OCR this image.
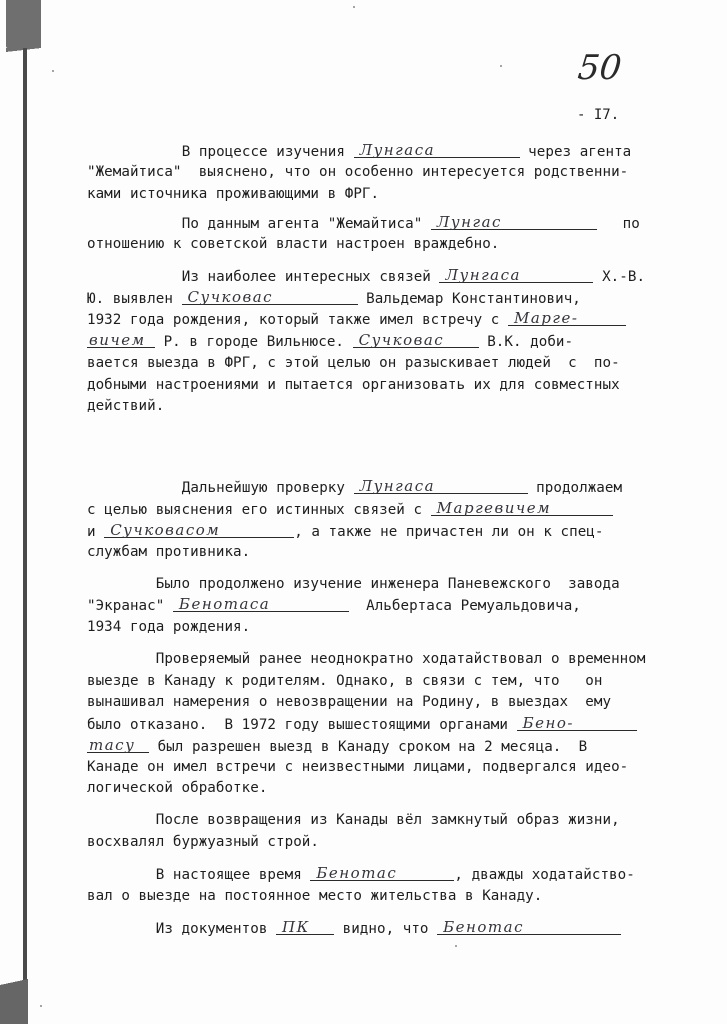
50
- I7.
В процессе изучения Лунгаса	через агента
"Жемайтиса"  выяснено, что он особенно интересуется родственни-
ками источника проживающими в ФРГ.
По данным агента "Жемайтиса" Лунгас	по
отношению к советской власти настроен враждебно.
Из наиболее интересных связей Лунгаса	Х.-В.
Ю. выявлен Сучковас	Вальдемар Константинович,
1932 года рождения, который также имел встречу с Марге-
вичем Р. в городе Вильнюсе. Сучковас В.К. доби-
вается выезда в ФРГ, с этой целью он разыскивает людей  с  по-
добными настроениями и пытается организовать их для совместных
действий.
Дальнейшую проверку Лунгаса	продолжаем
с целью выяснения его истинных связей с Маргевичем
и Сучковасом	, а также не причастен ли он к спец-
службам противника.
Было продолжено изучение инженера Паневежского  завода
"Экранас" Бенотаса	Альбертаса Ремуальдовича,
1934 года рождения.
Проверяемый ранее неоднократно ходатайствовал о временном
выезде в Канаду к родителям. Однако, в связи с тем, что   он
вынашивал намерения о невозвращении на Родину, в выездах  ему
было отказано.  В 1972 году вышестоящими органами Бено-
тасу был разрешен выезд в Канаду сроком на 2 месяца.  В
Канаде он имел встречи с неизвестными лицами, подвергался идео-
логической обработке.
После возвращения из Канады вёл замкнутый образ жизни,
восхвалял буржуазный строй.
В настоящее время Бенотас	, дважды ходатайство-
вал о выезде на постоянное место жительства в Канаду.
Из документов ПК видно, что Бенотас
